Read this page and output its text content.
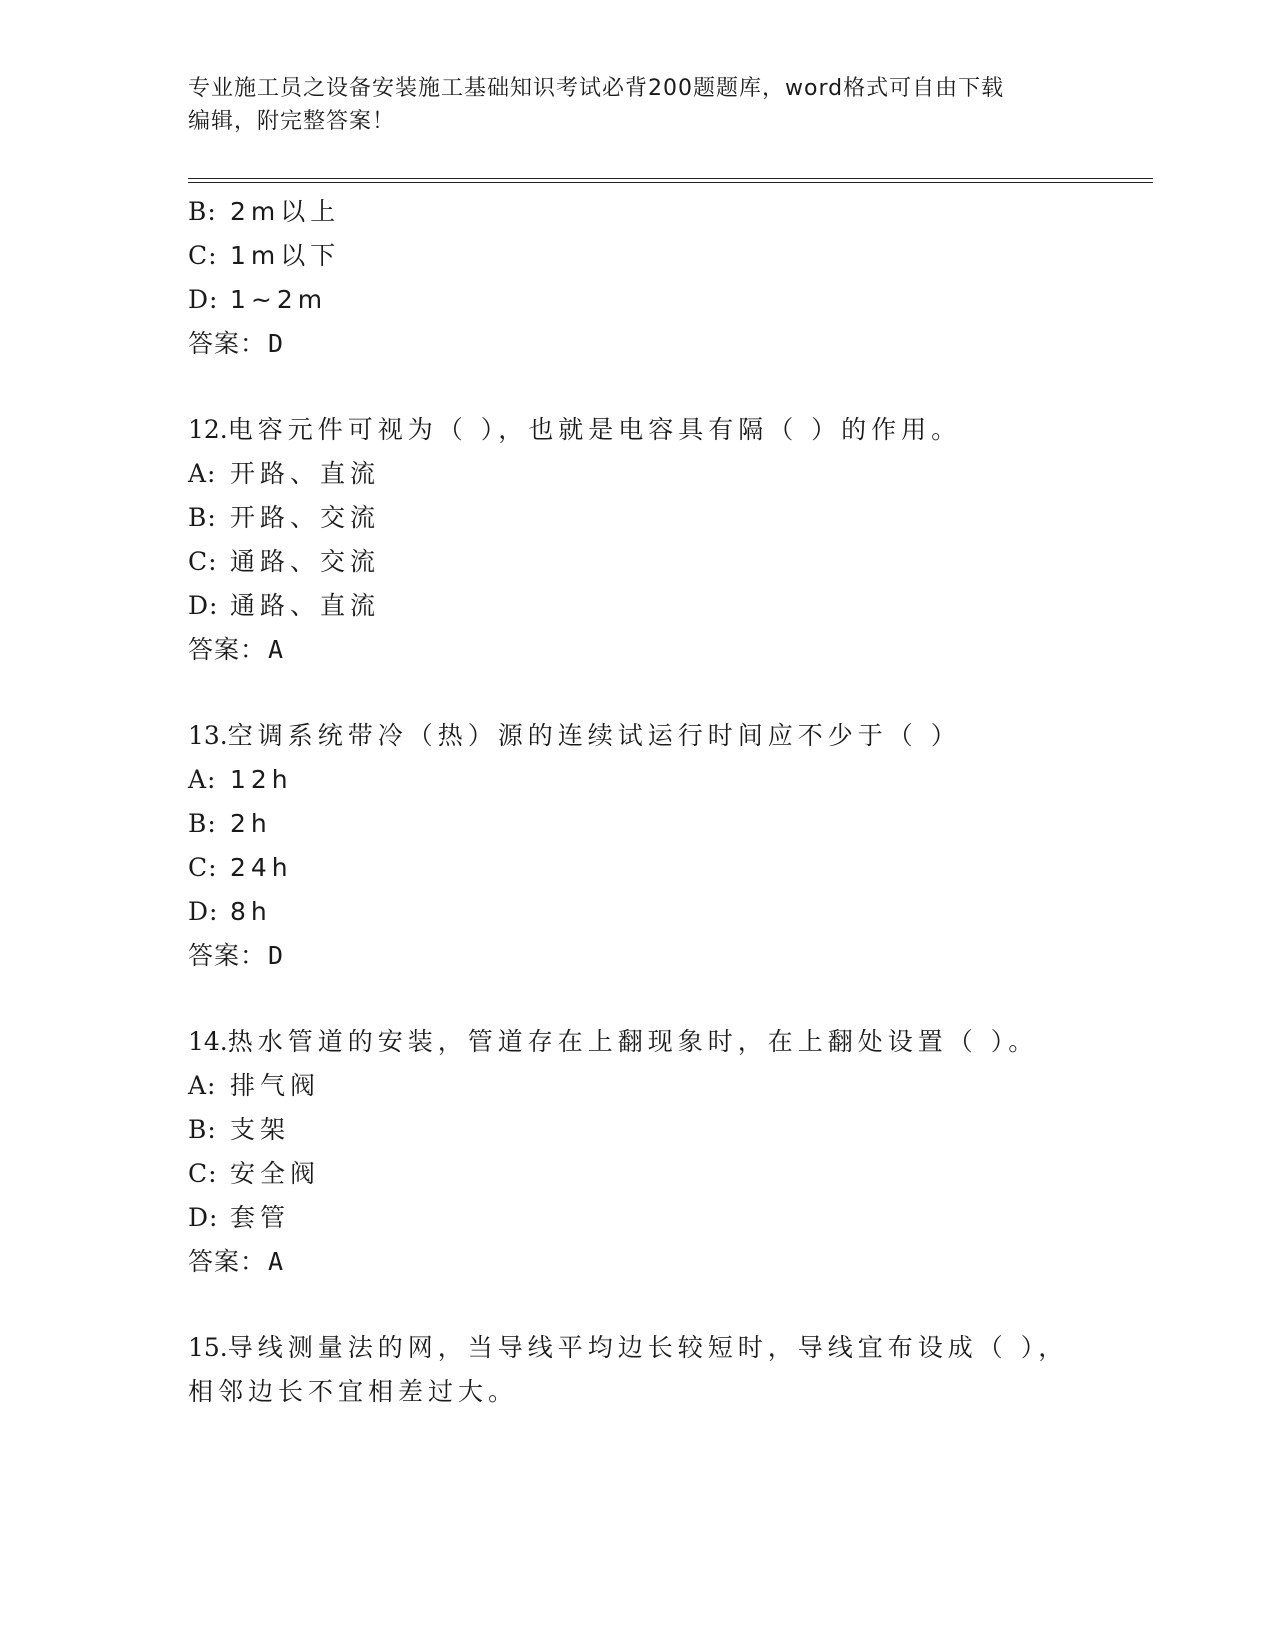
专业施工员之设备安装施工基础知识考试必背200题题库，word格式可自由下载
编辑，附完整答案！
B: 2m以上
C: 1m以下
D: 1~2m
答案：D
12.电容元件可视为（ ），也就是电容具有隔（ ）的作用。
A: 开路、直流
B: 开路、交流
C: 通路、交流
D: 通路、直流
答案：A
13.空调系统带冷（热）源的连续试运行时间应不少于（ ）
A: 12h
B: 2h
C: 24h
D: 8h
答案：D
14.热水管道的安装，管道存在上翻现象时，在上翻处设置（ ）。
A: 排气阀
B: 支架
C: 安全阀
D: 套管
答案：A
15.导线测量法的网，当导线平均边长较短时，导线宜布设成（ ），
相邻边长不宜相差过大。
